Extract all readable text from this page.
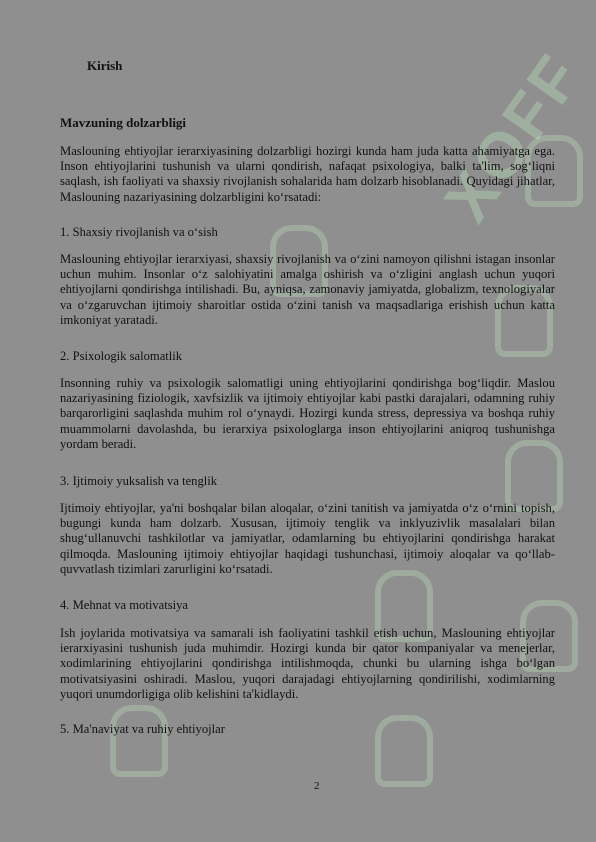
XOFF
Kirish
Mavzuning dolzarbligi
Maslouning ehtiyojlar ierarxiyasining dolzarbligi hozirgi kunda ham juda katta ahamiyatga ega. Inson ehtiyojlarini tushunish va ularni qondirish, nafaqat psixologiya, balki ta'lim, sog‘liqni saqlash, ish faoliyati va shaxsiy rivojlanish sohalarida ham dolzarb hisoblanadi. Quyidagi jihatlar, Maslouning nazariyasining dolzarbligini ko‘rsatadi:
1. Shaxsiy rivojlanish va o‘sish
Maslouning ehtiyojlar ierarxiyasi, shaxsiy rivojlanish va o‘zini namoyon qilishni istagan insonlar uchun muhim. Insonlar o‘z salohiyatini amalga oshirish va o‘zligini anglash uchun yuqori ehtiyojlarni qondirishga intilishadi. Bu, ayniqsa, zamonaviy jamiyatda, globalizm, texnologiyalar va o‘zgaruvchan ijtimoiy sharoitlar ostida o‘zini tanish va maqsadlariga erishish uchun katta imkoniyat yaratadi.
2. Psixologik salomatlik
Insonning ruhiy va psixologik salomatligi uning ehtiyojlarini qondirishga bog‘liqdir. Maslou nazariyasining fiziologik, xavfsizlik va ijtimoiy ehtiyojlar kabi pastki darajalari, odamning ruhiy barqarorligini saqlashda muhim rol o‘ynaydi. Hozirgi kunda stress, depressiya va boshqa ruhiy muammolarni davolashda, bu ierarxiya psixologlarga inson ehtiyojlarini aniqroq tushunishga yordam beradi.
3. Ijtimoiy yuksalish va tenglik
Ijtimoiy ehtiyojlar, ya'ni boshqalar bilan aloqalar, o‘zini tanitish va jamiyatda o‘z o‘rnini topish, bugungi kunda ham dolzarb. Xususan, ijtimoiy tenglik va inklyuzivlik masalalari bilan shug‘ullanuvchi tashkilotlar va jamiyatlar, odamlarning bu ehtiyojlarini qondirishga harakat qilmoqda. Maslouning ijtimoiy ehtiyojlar haqidagi tushunchasi, ijtimoiy aloqalar va qo‘llab-quvvatlash tizimlari zarurligini ko‘rsatadi.
4. Mehnat va motivatsiya
Ish joylarida motivatsiya va samarali ish faoliyatini tashkil etish uchun, Maslouning ehtiyojlar ierarxiyasini tushunish juda muhimdir. Hozirgi kunda bir qator kompaniyalar va menejerlar, xodimlarining ehtiyojlarini qondirishga intilishmoqda, chunki bu ularning ishga bo‘lgan motivatsiyasini oshiradi. Maslou, yuqori darajadagi ehtiyojlarning qondirilishi, xodimlarning yuqori unumdorligiga olib kelishini ta'kidlaydi.
5. Ma'naviyat va ruhiy ehtiyojlar
2
